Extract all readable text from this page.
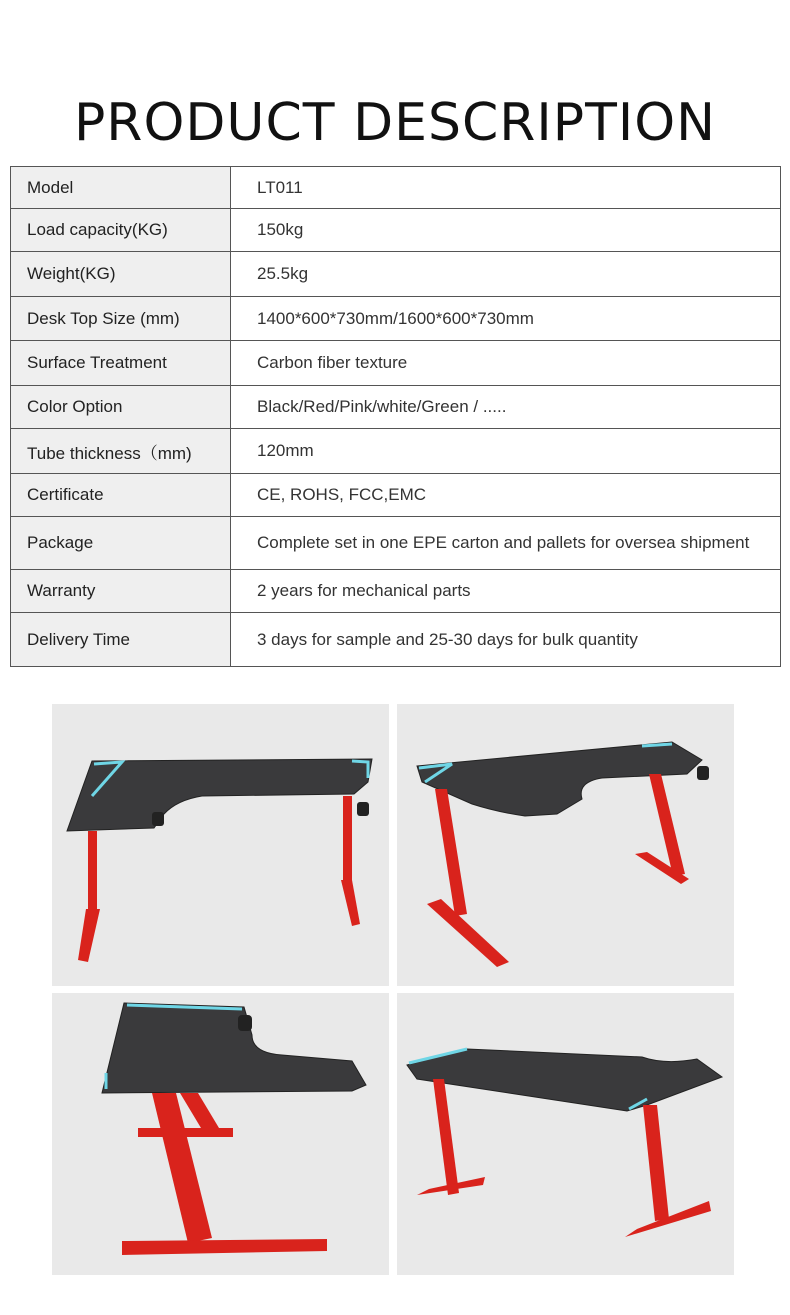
PRODUCT DESCRIPTION
Model	LT011
Load capacity(KG)	150kg
Weight(KG)	25.5kg
Desk Top Size (mm)	1400*600*730mm/1600*600*730mm
Surface Treatment	Carbon fiber texture
Color Option	Black/Red/Pink/white/Green / .....
Tube thickness（mm)	120mm
Certificate	CE, ROHS, FCC,EMC
Package	Complete set in one EPE carton and pallets for oversea shipment
Warranty	2 years for mechanical parts
Delivery Time	3 days for sample and 25-30 days for bulk quantity
